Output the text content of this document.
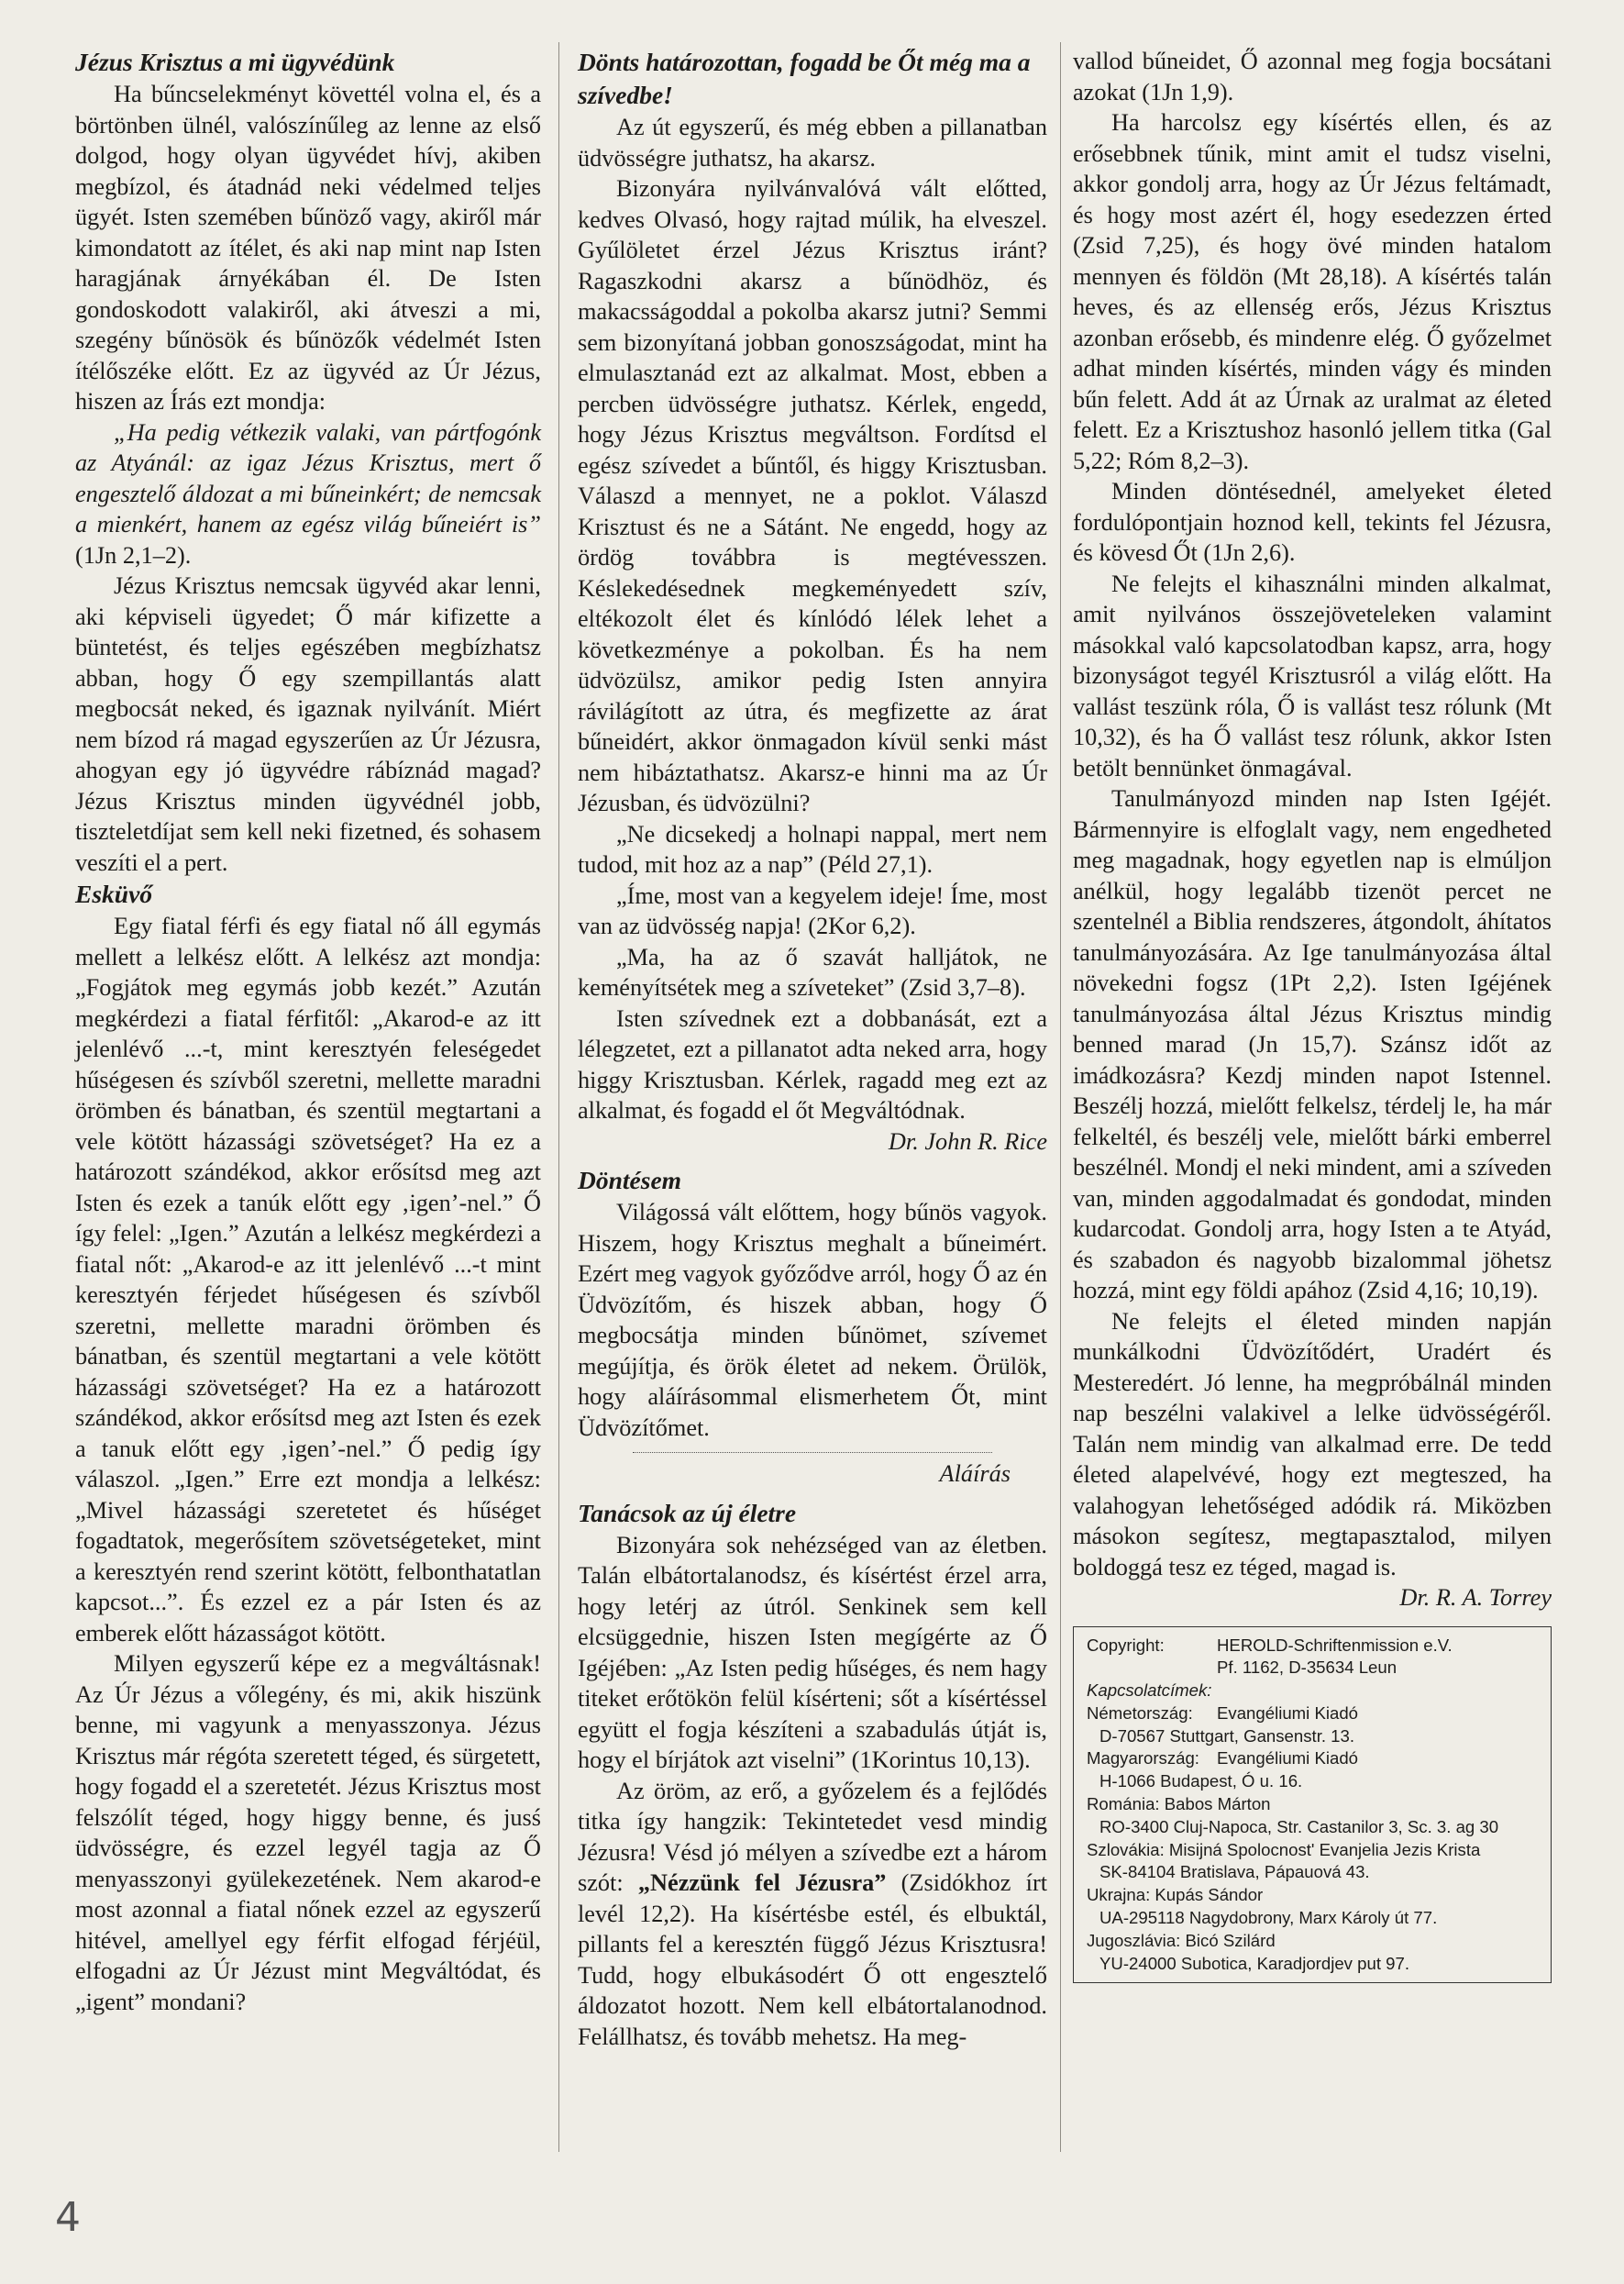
Jézus Krisztus a mi ügyvédünk

Ha bűncselekményt követtél volna el, és a börtönben ülnél, valószínűleg az lenne az első dolgod, hogy olyan ügyvédet hívj, akiben megbízol, és átadnád neki védelmed teljes ügyét. Isten szemében bűnöző vagy, akiről már kimondatott az ítélet, és aki nap mint nap Isten haragjának árnyékában él. De Isten gondoskodott valakiről, aki átveszi a mi, szegény bűnösök és bűnözők védelmét Isten ítélőszéke előtt. Ez az ügyvéd az Úr Jézus, hiszen az Írás ezt mondja:

„Ha pedig vétkezik valaki, van pártfogónk az Atyánál: az igaz Jézus Krisztus, mert ő engesztelő áldozat a mi bűneinkért; de nemcsak a mienkért, hanem az egész világ bűneiért is” (1Jn 2,1–2).

Jézus Krisztus nemcsak ügyvéd akar lenni, aki képviseli ügyedet; Ő már kifizette a büntetést, és teljes egészében megbízhatsz abban, hogy Ő egy szempillantás alatt megbocsát neked, és igaznak nyilvánít. Miért nem bízod rá magad egyszerűen az Úr Jézusra, ahogyan egy jó ügyvédre rábíznád magad? Jézus Krisztus minden ügyvédnél jobb, tiszteletdíjat sem kell neki fizetned, és sohasem veszíti el a pert.

Esküvő

Egy fiatal férfi és egy fiatal nő áll egymás mellett a lelkész előtt. A lelkész azt mondja: „Fogjátok meg egymás jobb kezét.” Azután megkérdezi a fiatal férfitől: „Akarod-e az itt jelenlévő ...-t, mint keresztyén feleségedet hűségesen és szívből szeretni, mellette maradni örömben és bánatban, és szentül megtartani a vele kötött házassági szövetséget? Ha ez a határozott szándékod, akkor erősítsd meg azt Isten és ezek a tanúk előtt egy ‚igen’-nel.” Ő így felel: „Igen.” Azután a lelkész megkérdezi a fiatal nőt: „Akarod-e az itt jelenlévő ...-t mint keresztyén férjedet hűségesen és szívből szeretni, mellette maradni örömben és bánatban, és szentül megtartani a vele kötött házassági szövetséget? Ha ez a határozott szándékod, akkor erősítsd meg azt Isten és ezek a tanuk előtt egy ‚igen’-nel.” Ő pedig így válaszol. „Igen.” Erre ezt mondja a lelkész: „Mivel házassági szeretetet és hűséget fogadtatok, megerősítem szövetségeteket, mint a keresztyén rend szerint kötött, felbonthatatlan kapcsot...”. És ezzel ez a pár Isten és az emberek előtt házasságot kötött.

Milyen egyszerű képe ez a megváltásnak! Az Úr Jézus a vőlegény, és mi, akik hiszünk benne, mi vagyunk a menyasszonya. Jézus Krisztus már régóta szeretett téged, és sürgetett, hogy fogadd el a szeretetét. Jézus Krisztus most felszólít téged, hogy higgy benne, és jusś üdvösségre, és ezzel legyél tagja az Ő menyasszonyi gyülekezetének. Nem akarod-e most azonnal a fiatal nőnek ezzel az egyszerű hitével, amellyel egy férfit elfogad férjéül, elfogadni az Úr Jézust mint Megváltódat, és „igent” mondani?

Dönts határozottan, fogadd be Őt még ma a szívedbe!

Az út egyszerű, és még ebben a pillanatban üdvösségre juthatsz, ha akarsz.

Bizonyára nyilvánvalóvá vált előtted, kedves Olvasó, hogy rajtad múlik, ha elveszel. Gyűlöletet érzel Jézus Krisztus iránt? Ragaszkodni akarsz a bűnödhöz, és makacsságoddal a pokolba akarsz jutni? Semmi sem bizonyítaná jobban gonoszságodat, mint ha elmulasztanád ezt az alkalmat. Most, ebben a percben üdvösségre juthatsz. Kérlek, engedd, hogy Jézus Krisztus megváltson. Fordítsd el egész szívedet a bűntől, és higgy Krisztusban. Válaszd a mennyet, ne a poklot. Válaszd Krisztust és ne a Sátánt. Ne engedd, hogy az ördög továbbra is megtévesszen. Késlekedésednek megkeményedett szív, eltékozolt élet és kínlódó lélek lehet a következménye a pokolban. És ha nem üdvözülsz, amikor pedig Isten annyira rávilágított az útra, és megfizette az árat bűneidért, akkor önmagadon kívül senki mást nem hibáztathatsz. Akarsz-e hinni ma az Úr Jézusban, és üdvözülni?

„Ne dicsekedj a holnapi nappal, mert nem tudod, mit hoz az a nap” (Péld 27,1).

„Íme, most van a kegyelem ideje! Íme, most van az üdvösség napja! (2Kor 6,2).

„Ma, ha az ő szavát halljátok, ne keményítsétek meg a szíveteket” (Zsid 3,7–8).

Isten szívednek ezt a dobbanását, ezt a lélegzetet, ezt a pillanatot adta neked arra, hogy higgy Krisztusban. Kérlek, ragadd meg ezt az alkalmat, és fogadd el őt Megváltódnak.

Dr. John R. Rice

Döntésem

Világossá vált előttem, hogy bűnös vagyok. Hiszem, hogy Krisztus meghalt a bűneimért. Ezért meg vagyok győződve arról, hogy Ő az én Üdvözítőm, és hiszek abban, hogy Ő megbocsátja minden bűnömet, szívemet megújítja, és örök életet ad nekem. Örülök, hogy aláírásommal elismerhetem Őt, mint Üdvözítőmet.

Aláírás

Tanácsok az új életre

Bizonyára sok nehézséged van az életben. Talán elbátortalanodsz, és kísértést érzel arra, hogy letérj az útról. Senkinek sem kell elcsüggednie, hiszen Isten megígérte az Ő Igéjében: „Az Isten pedig hűséges, és nem hagy titeket erőtökön felül kísérteni; sőt a kísértéssel együtt el fogja készíteni a szabadulás útját is, hogy el bírjátok azt viselni” (1Korintus 10,13).

Az öröm, az erő, a győzelem és a fejlődés titka így hangzik: Tekintetedet vesd mindig Jézusra! Vésd jó mélyen a szívedbe ezt a három szót: „Nézzünk fel Jézusra” (Zsidókhoz írt levél 12,2). Ha kísértésbe estél, és elbuktál, pillants fel a keresztén függő Jézus Krisztusra! Tudd, hogy elbukásodért Ő ott engesztelő áldozatot hozott. Nem kell elbátortalanodnod. Felállhatsz, és tovább mehetsz. Ha meg-

vallod bűneidet, Ő azonnal meg fogja bocsátani azokat (1Jn 1,9).

Ha harcolsz egy kísértés ellen, és az erősebbnek tűnik, mint amit el tudsz viselni, akkor gondolj arra, hogy az Úr Jézus feltámadt, és hogy most azért él, hogy esedezzen érted (Zsid 7,25), és hogy övé minden hatalom mennyen és földön (Mt 28,18). A kísértés talán heves, és az ellenség erős, Jézus Krisztus azonban erősebb, és mindenre elég. Ő győzelmet adhat minden kísértés, minden vágy és minden bűn felett. Add át az Úrnak az uralmat az életed felett. Ez a Krisztushoz hasonló jellem titka (Gal 5,22; Róm 8,2–3).

Minden döntésednél, amelyeket életed fordulópontjain hoznod kell, tekints fel Jézusra, és kövesd Őt (1Jn 2,6).

Ne felejts el kihasználni minden alkalmat, amit nyilvános összejöveteleken valamint másokkal való kapcsolatodban kapsz, arra, hogy bizonyságot tegyél Krisztusról a világ előtt. Ha vallást teszünk róla, Ő is vallást tesz rólunk (Mt 10,32), és ha Ő vallást tesz rólunk, akkor Isten betölt bennünket önmagával.

Tanulmányozd minden nap Isten Igéjét. Bármennyire is elfoglalt vagy, nem engedheted meg magadnak, hogy egyetlen nap is elmúljon anélkül, hogy legalább tizenöt percet ne szentelnél a Biblia rendszeres, átgondolt, áhítatos tanulmányozására. Az Ige tanulmányozása által növekedni fogsz (1Pt 2,2). Isten Igéjének tanulmányozása által Jézus Krisztus mindig benned marad (Jn 15,7). Szánsz időt az imádkozásra? Kezdj minden napot Istennel. Beszélj hozzá, mielőtt felkelsz, térdelj le, ha már felkeltél, és beszélj vele, mielőtt bárki emberrel beszélnél. Mondj el neki mindent, ami a szíveden van, minden aggodalmadat és gondodat, minden kudarcodat. Gondolj arra, hogy Isten a te Atyád, és szabadon és nagyobb bizalommal jöhetsz hozzá, mint egy földi apához (Zsid 4,16; 10,19).

Ne felejts el életed minden napján munkálkodni Üdvözítődért, Uradért és Mesteredért. Jó lenne, ha megpróbálnál minden nap beszélni valakivel a lelke üdvösségéről. Talán nem mindig van alkalmad erre. De tedd életed alapelvévé, hogy ezt megteszed, ha valahogyan lehetőséged adódik rá. Miközben másokon segítesz, megtapasztalod, milyen boldoggá tesz ez téged, magad is.

Dr. R. A. Torrey

Copyright:	HEROLD-Schriftenmission e.V.
Pf. 1162, D-35634 Leun
Kapcsolatcímek:
Németország: Evangéliumi Kiadó
D-70567 Stuttgart, Gansenstr. 13.
Magyarország: Evangéliumi Kiadó
H-1066 Budapest, Ó u. 16.
Románia: Babos Márton
RO-3400 Cluj-Napoca, Str. Castanilor 3, Sc. 3. ag 30
Szlovákia: Misijná Spolocnost' Evanjelia Jezis Krista
SK-84104 Bratislava, Pápauová 43.
Ukrajna: Kupás Sándor
UA-295118 Nagydobrony, Marx Károly út 77.
Jugoszlávia: Bicó Szilárd
YU-24000 Subotica, Karadjordjev put 97.
4
